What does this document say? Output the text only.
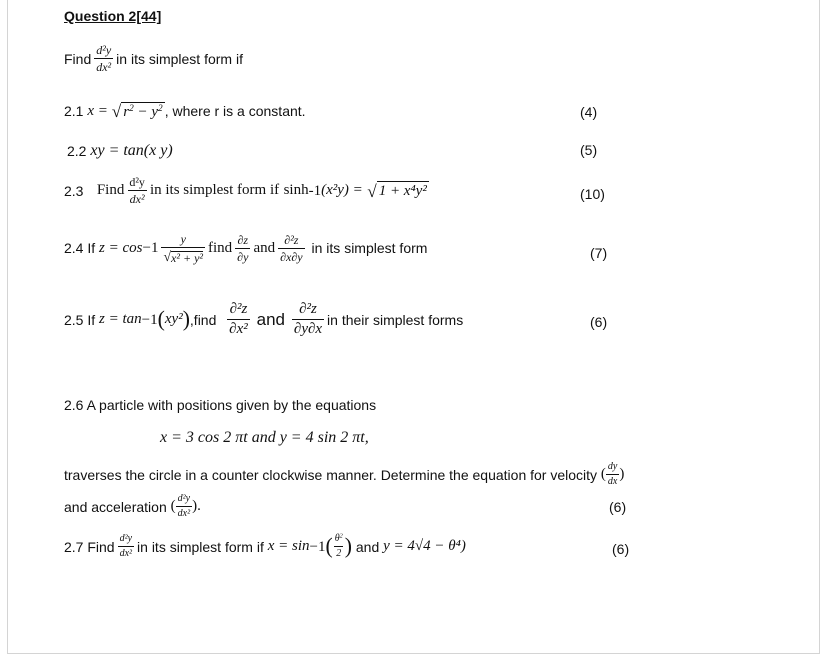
Question 2[44]
Find $\frac{\text{d²y}}{\text{dx²}}$ in its simplest form if
2.1
x =
√ $r^2 - y^2$ , where r is a constant.	(4)
2.2
xy = tan(x y)	(5)
2.3
Find $\frac{\text{d²y}}{\text{dx²}}$ in its simplest form if
sinh -1 (x²y) =
√ 1 + x⁴y²	(10)
2.4 If
$z = \cos -1 \frac{y}{\text{√ x² + y²}}$ find $\frac{\partial z}{\partial y}$ and $\frac{\text{∂²z}}{\partial x\partial y}$
in its simplest form	(7)
2.5 If
z = tan −1 ( xy² ) ,find
$\frac{\text{∂²z}}{\text{∂x²}}$
and
$\frac{\text{∂²z}}{\partial y\partial x}$ in their simplest forms	(6)
2.6 A particle with positions given by the equations
x = 3 cos 2 πt and y = 4 sin 2 πt,
traverses the circle in a counter clockwise manner. Determine the equation for velocity
( $\frac{dy}{dx}$ )
and acceleration
( $\frac{\text{d²y}}{\text{dx²}}$ ).	(6)
2.7 Find $\frac{\text{d²y}}{\text{dx²}}$ in its simplest form if
x = sin −1 ( $\frac{\theta^2}{2}$ )
and
y = 4√4 − θ⁴)	(6)
